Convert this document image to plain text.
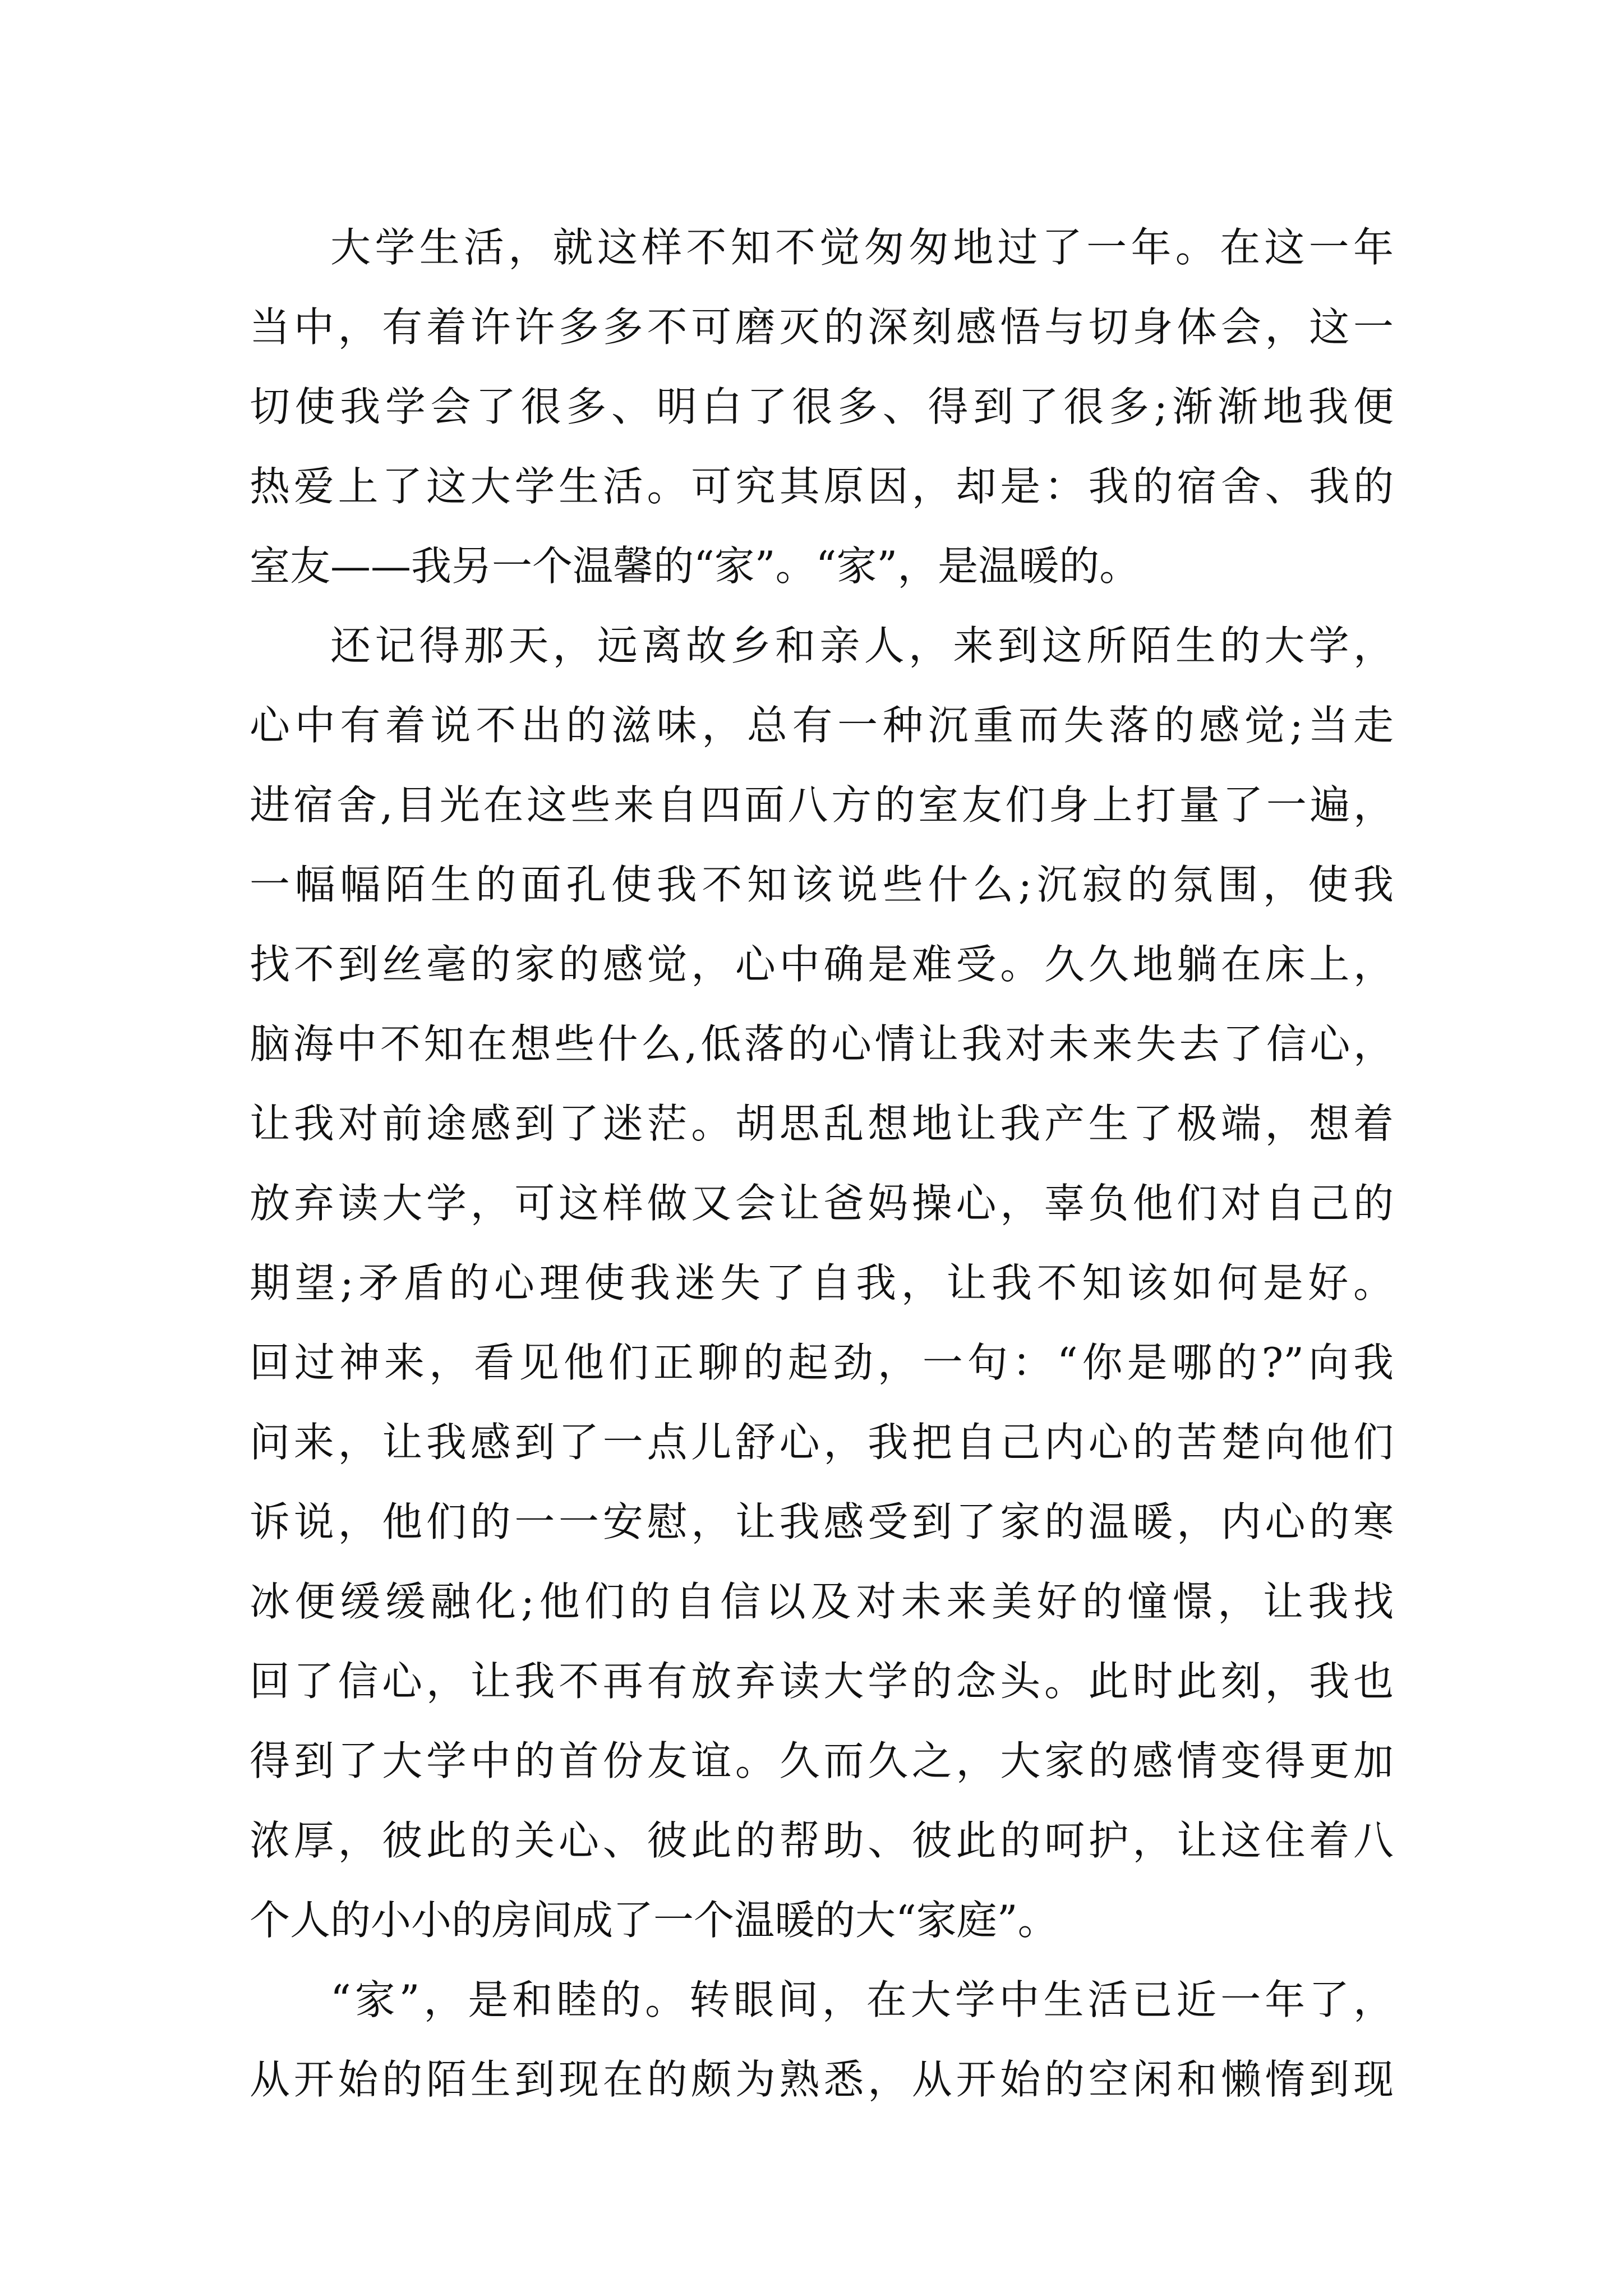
大学生活，就这样不知不觉匆匆地过了一年。在这一年
当中，有着许许多多不可磨灭的深刻感悟与切身体会，这一
切使我学会了很多、明白了很多、得到了很多;渐渐地我便
热爱上了这大学生活。可究其原因，却是：我的宿舍、我的
室友——我另一个温馨的“家”。“家”，是温暖的。
还记得那天，远离故乡和亲人，来到这所陌生的大学，
心中有着说不出的滋味，总有一种沉重而失落的感觉;当走
进宿舍,目光在这些来自四面八方的室友们身上打量了一遍，
一幅幅陌生的面孔使我不知该说些什么;沉寂的氛围，使我
找不到丝毫的家的感觉，心中确是难受。久久地躺在床上，
脑海中不知在想些什么,低落的心情让我对未来失去了信心，
让我对前途感到了迷茫。胡思乱想地让我产生了极端，想着
放弃读大学，可这样做又会让爸妈操心，辜负他们对自己的
期望;矛盾的心理使我迷失了自我，让我不知该如何是好。
回过神来，看见他们正聊的起劲，一句：“你是哪的?”向我
问来，让我感到了一点儿舒心，我把自己内心的苦楚向他们
诉说，他们的一一安慰，让我感受到了家的温暖，内心的寒
冰便缓缓融化;他们的自信以及对未来美好的憧憬，让我找
回了信心，让我不再有放弃读大学的念头。此时此刻，我也
得到了大学中的首份友谊。久而久之，大家的感情变得更加
浓厚，彼此的关心、彼此的帮助、彼此的呵护，让这住着八
个人的小小的房间成了一个温暖的大“家庭”。
“家”，是和睦的。转眼间，在大学中生活已近一年了，
从开始的陌生到现在的颇为熟悉，从开始的空闲和懒惰到现
